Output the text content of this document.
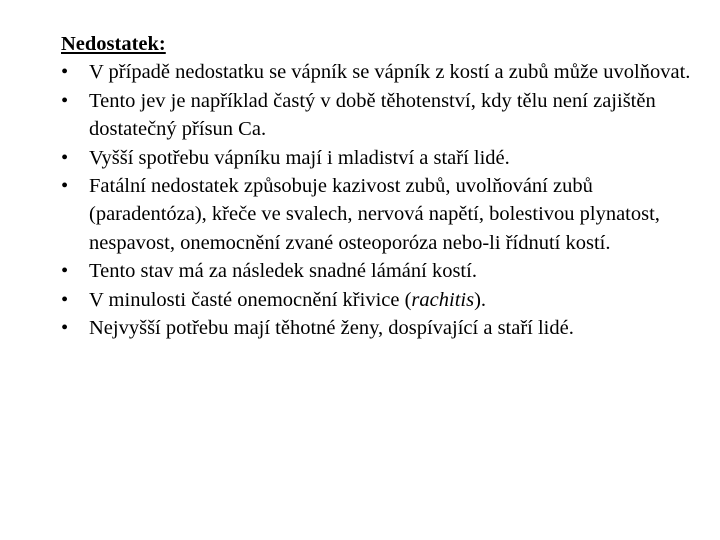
Nedostatek:

• V případě nedostatku se vápník se vápník z kostí a zubů může uvolňovat.
• Tento jev je například častý v době těhotenství, kdy tělu není zajištěn dostatečný přísun Ca.
• Vyšší spotřebu vápníku mají i mladiství a staří lidé.
• Fatální nedostatek způsobuje kazivost zubů, uvolňování zubů (paradentóza), křeče ve svalech, nervová napětí, bolestivou plynatost, nespavost, onemocnění zvané osteoporóza nebo-li řídnutí kostí.
• Tento stav má za následek snadné lámání kostí.
• V minulosti časté onemocnění křivice (rachitis).
• Nejvyšší potřebu mají těhotné ženy, dospívající a staří lidé.
